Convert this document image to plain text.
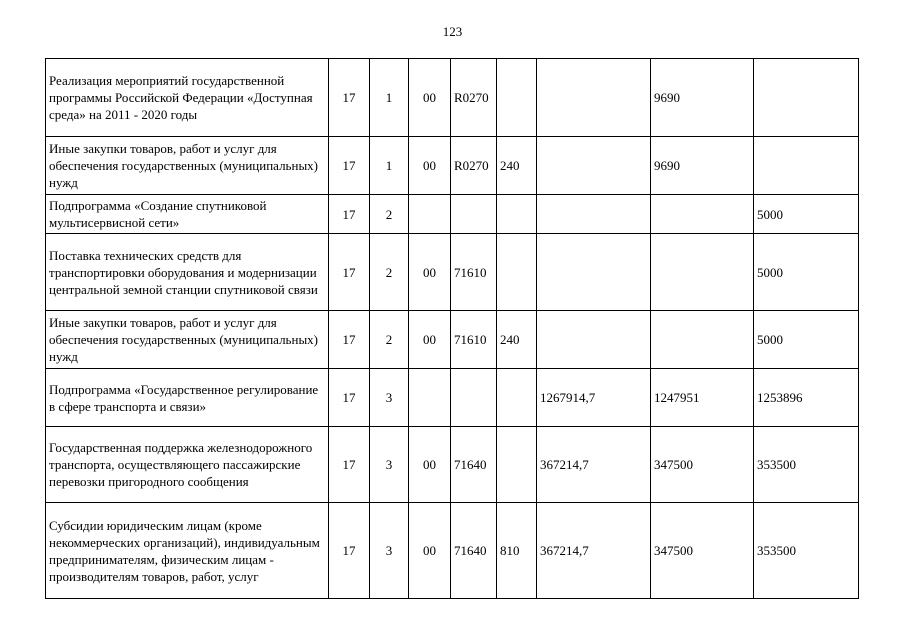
123
Реализация мероприятий государственной программы Российской Федерации «Доступная среда» на 2011 - 2020 годы	17	1	00	R0270			9690	
Иные закупки товаров, работ и услуг для обеспечения государственных (муниципальных) нужд	17	1	00	R0270	240		9690	
Подпрограмма «Создание спутниковой мультисервисной сети»	17	2						5000
Поставка технических средств для транспортировки оборудования и модернизации центральной земной станции спутниковой связи	17	2	00	71610				5000
Иные закупки товаров, работ и услуг для обеспечения государственных (муниципальных) нужд	17	2	00	71610	240			5000
Подпрограмма «Государственное регулирование в сфере транспорта и связи»	17	3				1267914,7	1247951	1253896
Государственная поддержка железнодорожного транспорта, осуществляющего пассажирские перевозки пригородного сообщения	17	3	00	71640		367214,7	347500	353500
Субсидии юридическим лицам (кроме некоммерческих организаций), индивидуальным предпринимателям, физическим лицам - производителям товаров, работ, услуг	17	3	00	71640	810	367214,7	347500	353500
